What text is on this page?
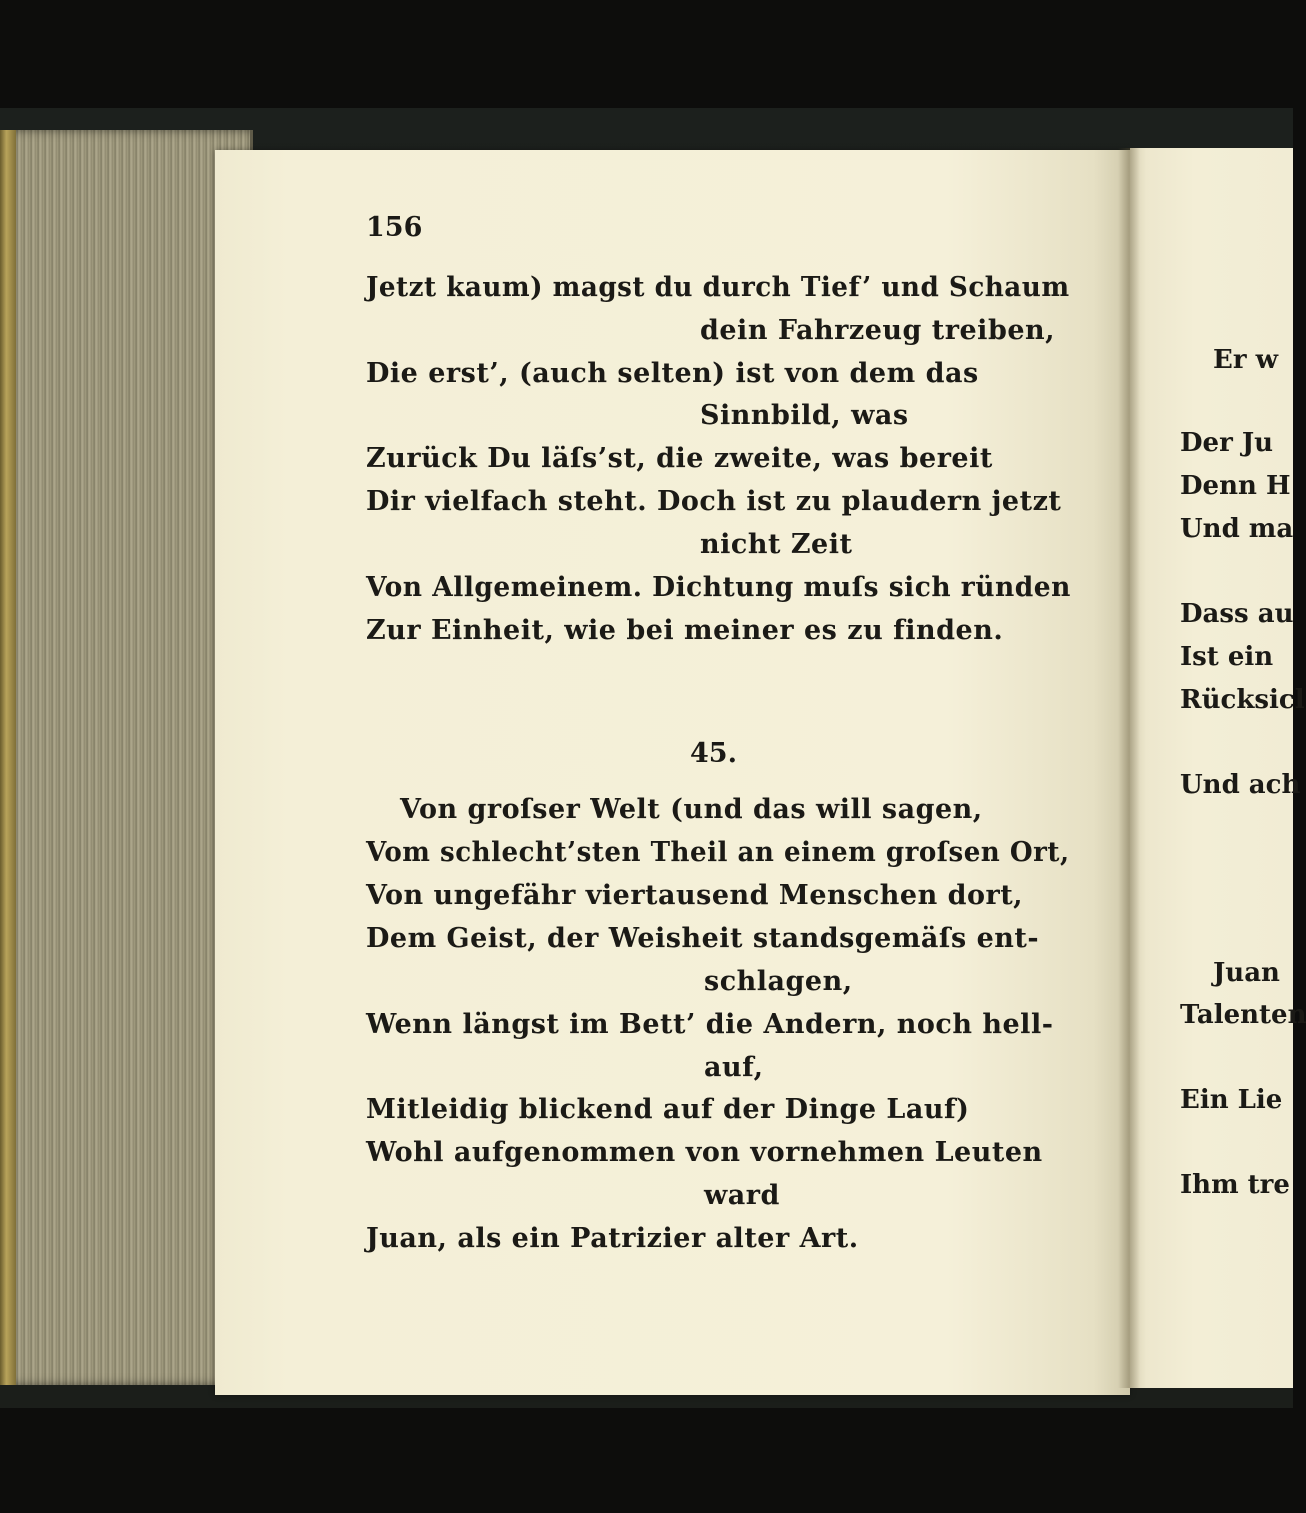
156
Jetzt kaum) magst du durch Tief’ und Schaum
dein Fahrzeug treiben,
Die erst’, (auch selten) ist von dem das
Sinnbild, was
Zurück Du läſs’st, die zweite, was bereit
Dir vielfach steht. Doch ist zu plaudern jetzt
nicht Zeit
Von Allgemeinem. Dichtung muſs sich ründen
Zur Einheit, wie bei meiner es zu finden.
45.
Von groſser Welt (und das will sagen,
Vom schlecht’sten Theil an einem groſsen Ort,
Von ungefähr viertausend Menschen dort,
Dem Geist, der Weisheit standsgemäſs ent-
schlagen,
Wenn längst im Bett’ die Andern, noch hell-
auf,
Mitleidig blickend auf der Dinge Lauf)
Wohl aufgenommen von vornehmen Leuten
ward
Juan, als ein Patrizier alter Art.
Er w
Der Ju
Denn H
Und ma
Dass au
Ist ein
Rücksicl
Und ach
Juan
Talenten
Ein Lie
Ihm tre
